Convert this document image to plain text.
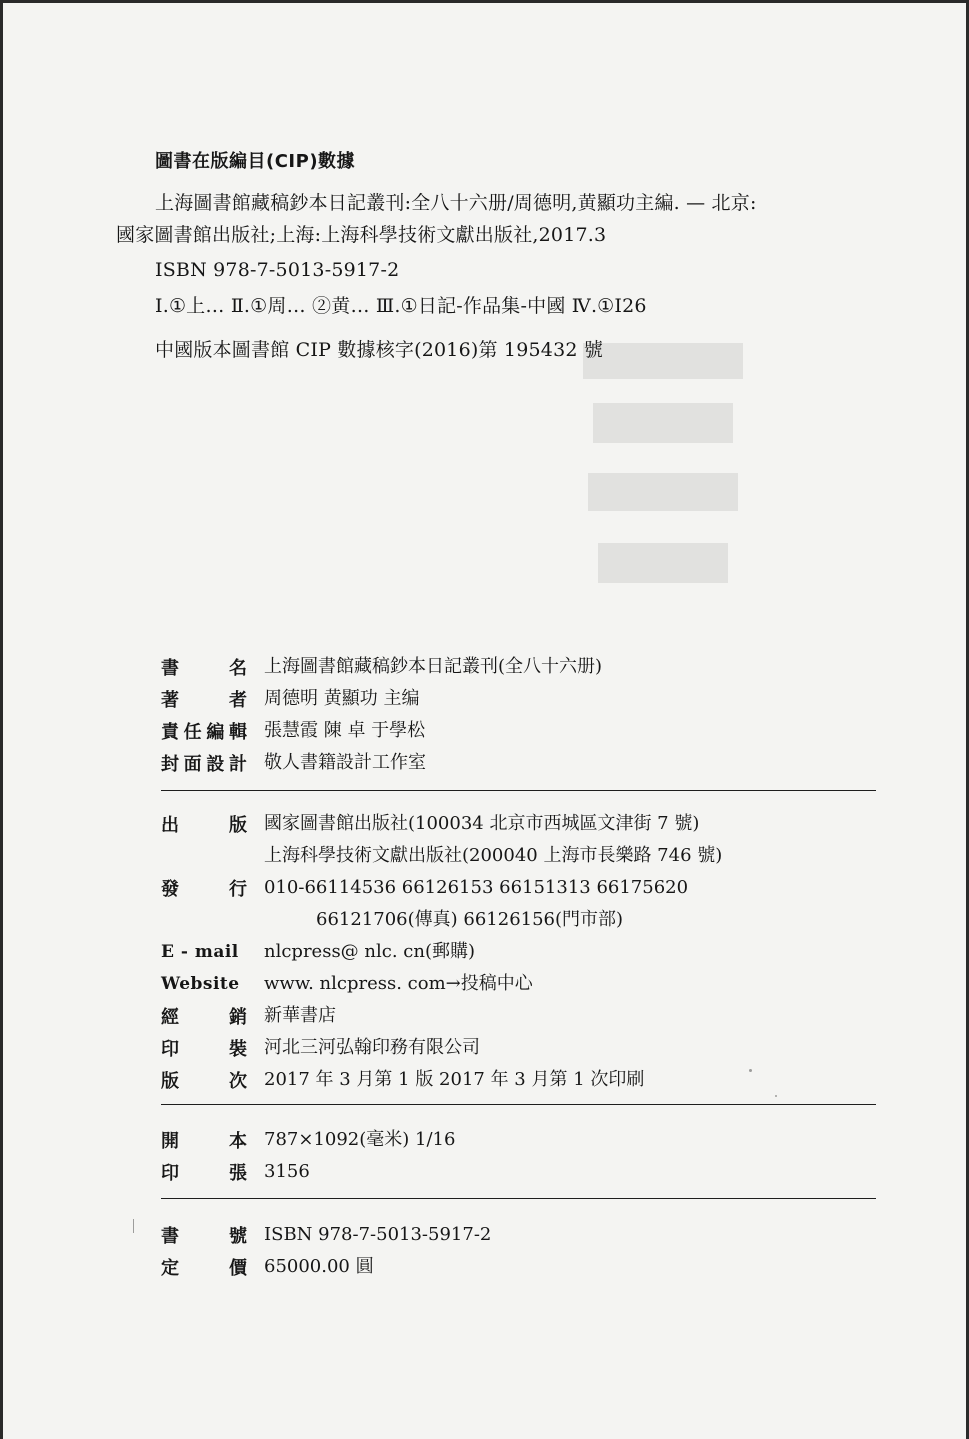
圖書在版編目(CIP)數據
上海圖書館藏稿鈔本日記叢刊:全八十六册/周德明,黄顯功主編. — 北京:
國家圖書館出版社;上海:上海科學技術文獻出版社,2017.3
ISBN 978-7-5013-5917-2
Ⅰ.①上… Ⅱ.①周… ②黄… Ⅲ.①日記-作品集-中國 Ⅳ.①I26
中國版本圖書館 CIP 數據核字(2016)第 195432 號
書	名 上海圖書館藏稿鈔本日記叢刊(全八十六册)
著	者 周德明 黄顯功 主编
責 任 編 輯 張慧霞 陳 卓 于學松
封 面 設 計 敬人書籍設計工作室
出	版 國家圖書館出版社(100034 北京市西城區文津街 7 號)
上海科學技術文獻出版社(200040 上海市長樂路 746 號)
發	行 010-66114536 66126153 66151313 66175620
66121706(傳真) 66126156(門市部)
E - mail	nlcpress@ nlc. cn(郵購)
Website	www. nlcpress. com→投稿中心
經	銷 新華書店
印	裝 河北三河弘翰印務有限公司
版	次 2017 年 3 月第 1 版 2017 年 3 月第 1 次印刷
開	本 787×1092(毫米) 1/16
印	張 3156
書	號 ISBN 978-7-5013-5917-2
定	價 65000.00 圓
